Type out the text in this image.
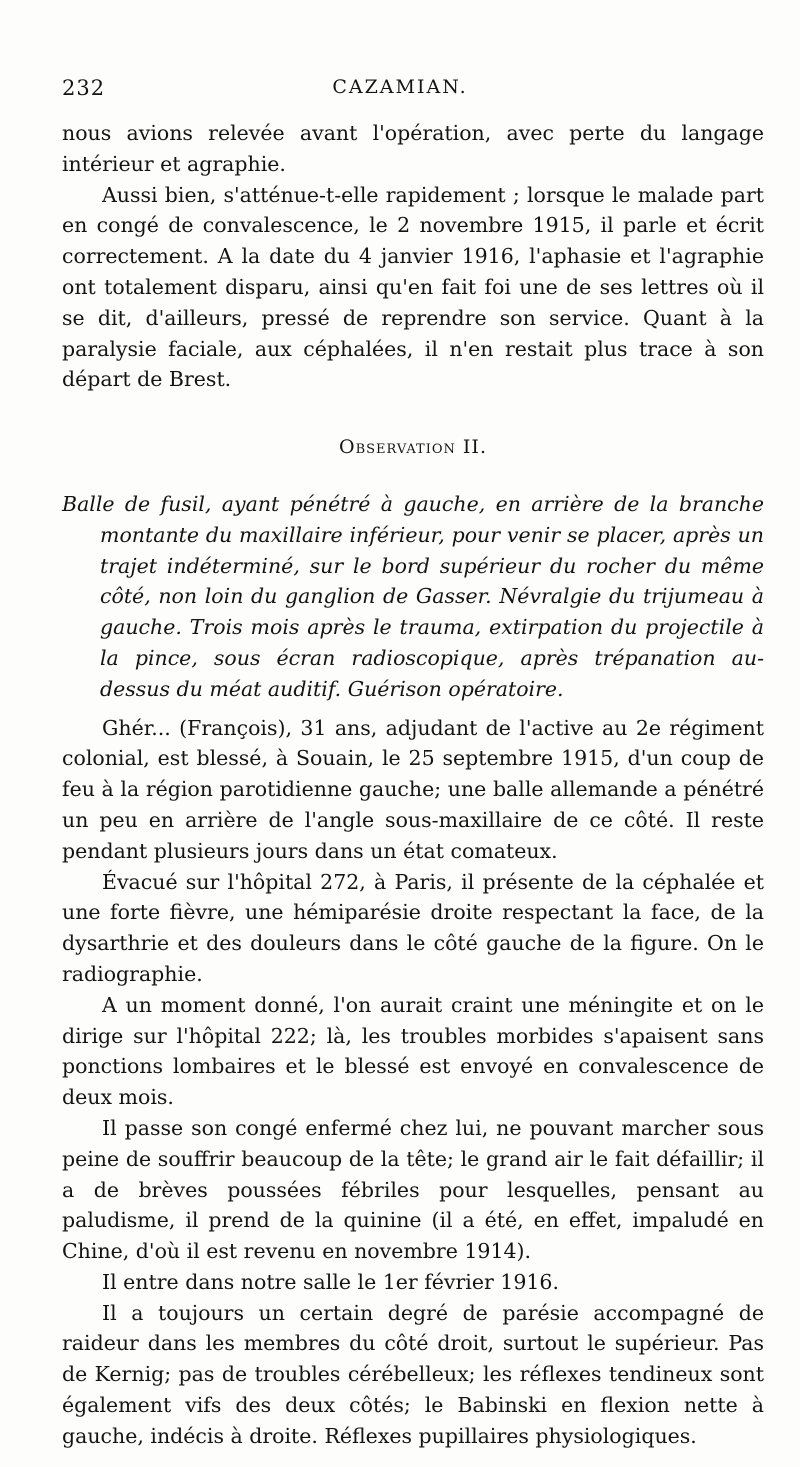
232	CAZAMIAN.

nous avions relevée avant l'opération, avec perte du langage intérieur et agraphie.

Aussi bien, s'atténue-t-elle rapidement ; lorsque le malade part en congé de convalescence, le 2 novembre 1915, il parle et écrit correctement. A la date du 4 janvier 1916, l'aphasie et l'agraphie ont totalement disparu, ainsi qu'en fait foi une de ses lettres où il se dit, d'ailleurs, pressé de reprendre son service. Quant à la paralysie faciale, aux céphalées, il n'en restait plus trace à son départ de Brest.

Observation II.

Balle de fusil, ayant pénétré à gauche, en arrière de la branche montante du maxillaire inférieur, pour venir se placer, après un trajet indéterminé, sur le bord supérieur du rocher du même côté, non loin du ganglion de Gasser. Névralgie du trijumeau à gauche. Trois mois après le trauma, extirpation du projectile à la pince, sous écran radioscopique, après trépanation au-dessus du méat auditif. Guérison opératoire.

Ghér... (François), 31 ans, adjudant de l'active au 2e régiment colonial, est blessé, à Souain, le 25 septembre 1915, d'un coup de feu à la région parotidienne gauche; une balle allemande a pénétré un peu en arrière de l'angle sous-maxillaire de ce côté. Il reste pendant plusieurs jours dans un état comateux.

Évacué sur l'hôpital 272, à Paris, il présente de la céphalée et une forte fièvre, une hémiparésie droite respectant la face, de la dysarthrie et des douleurs dans le côté gauche de la figure. On le radiographie.

A un moment donné, l'on aurait craint une méningite et on le dirige sur l'hôpital 222; là, les troubles morbides s'apaisent sans ponctions lombaires et le blessé est envoyé en convalescence de deux mois.

Il passe son congé enfermé chez lui, ne pouvant marcher sous peine de souffrir beaucoup de la tête; le grand air le fait défaillir; il a de brèves poussées fébriles pour lesquelles, pensant au paludisme, il prend de la quinine (il a été, en effet, impaludé en Chine, d'où il est revenu en novembre 1914).

Il entre dans notre salle le 1er février 1916.

Il a toujours un certain degré de parésie accompagné de raideur dans les membres du côté droit, surtout le supérieur. Pas de Kernig; pas de troubles cérébelleux; les réflexes tendineux sont également vifs des deux côtés; le Babinski en flexion nette à gauche, indécis à droite. Réflexes pupillaires physiologiques.
